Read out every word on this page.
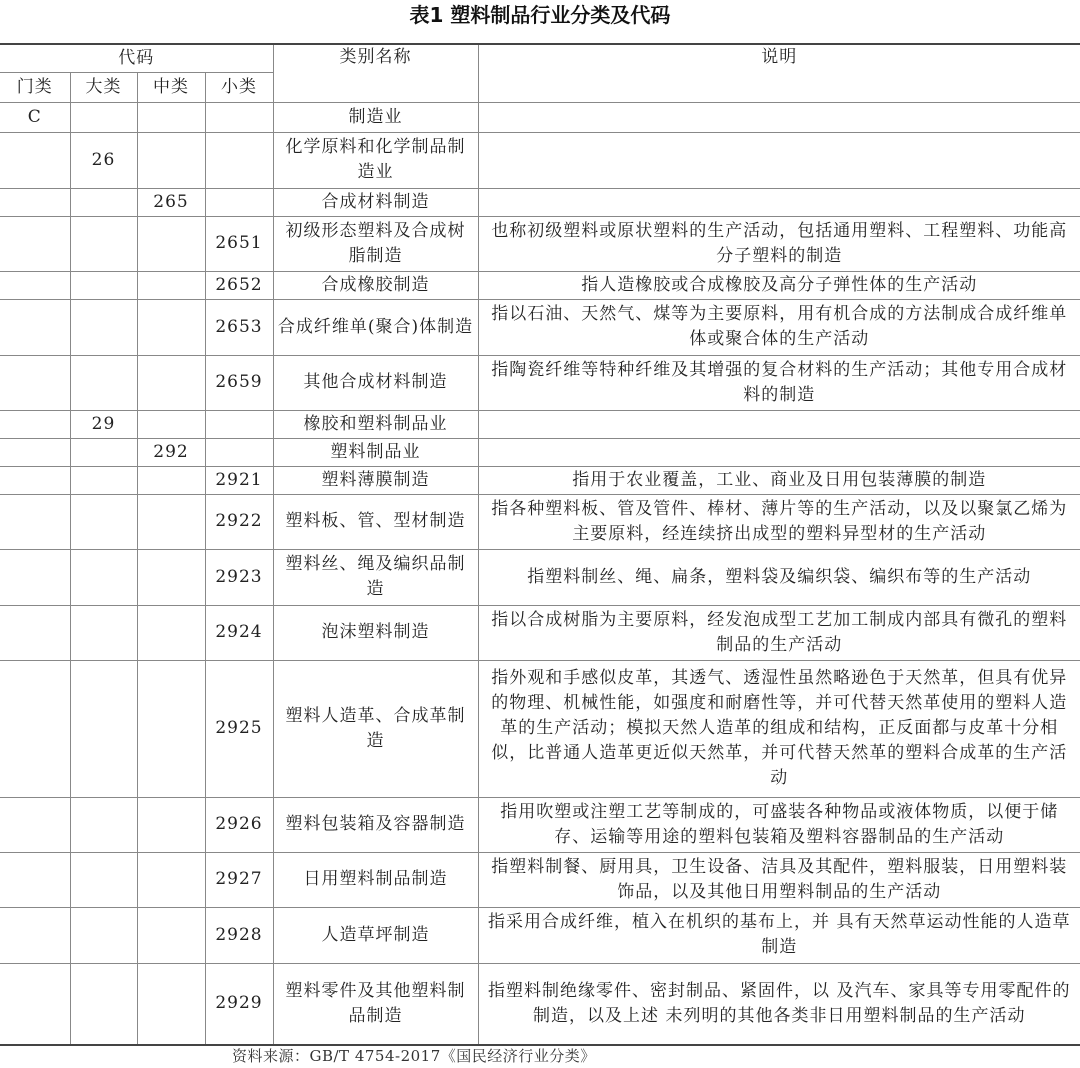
表1 塑料制品行业分类及代码
代码				类别名称	说明
门类	大类	中类	小类		
C				制造业	
	26			化学原料和化学制品制造业	
		265		合成材料制造	
			2651	初级形态塑料及合成树脂制造	也称初级塑料或原状塑料的生产活动，包括通用塑料、工程塑料、功能高分子塑料的制造
			2652	合成橡胶制造	指人造橡胶或合成橡胶及高分子弹性体的生产活动
			2653	合成纤维单(聚合)体制造	指以石油、天然气、煤等为主要原料，用有机合成的方法制成合成纤维单体或聚合体的生产活动
			2659	其他合成材料制造	指陶瓷纤维等特种纤维及其增强的复合材料的生产活动；其他专用合成材料的制造
	29			橡胶和塑料制品业	
		292		塑料制品业	
			2921	塑料薄膜制造	指用于农业覆盖，工业、商业及日用包装薄膜的制造
			2922	塑料板、管、型材制造	指各种塑料板、管及管件、棒材、薄片等的生产活动，以及以聚氯乙烯为主要原料，经连续挤出成型的塑料异型材的生产活动
			2923	塑料丝、绳及编织品制造	指塑料制丝、绳、扁条，塑料袋及编织袋、编织布等的生产活动
			2924	泡沫塑料制造	指以合成树脂为主要原料，经发泡成型工艺加工制成内部具有微孔的塑料制品的生产活动
			2925	塑料人造革、合成革制造	指外观和手感似皮革，其透气、透湿性虽然略逊色于天然革，但具有优异的物理、机械性能，如强度和耐磨性等，并可代替天然革使用的塑料人造革的生产活动；模拟天然人造革的组成和结构，正反面都与皮革十分相似，比普通人造革更近似天然革，并可代替天然革的塑料合成革的生产活动
			2926	塑料包装箱及容器制造	指用吹塑或注塑工艺等制成的，可盛装各种物品或液体物质，以便于储存、运输等用途的塑料包装箱及塑料容器制品的生产活动
			2927	日用塑料制品制造	指塑料制餐、厨用具，卫生设备、洁具及其配件，塑料服装，日用塑料装饰品，以及其他日用塑料制品的生产活动
			2928	人造草坪制造	指采用合成纤维，植入在机织的基布上，并 具有天然草运动性能的人造草制造
			2929	塑料零件及其他塑料制品制造	指塑料制绝缘零件、密封制品、紧固件，以 及汽车、家具等专用零配件的制造，以及上述 未列明的其他各类非日用塑料制品的生产活动
资料来源：GB/T 4754-2017《国民经济行业分类》
